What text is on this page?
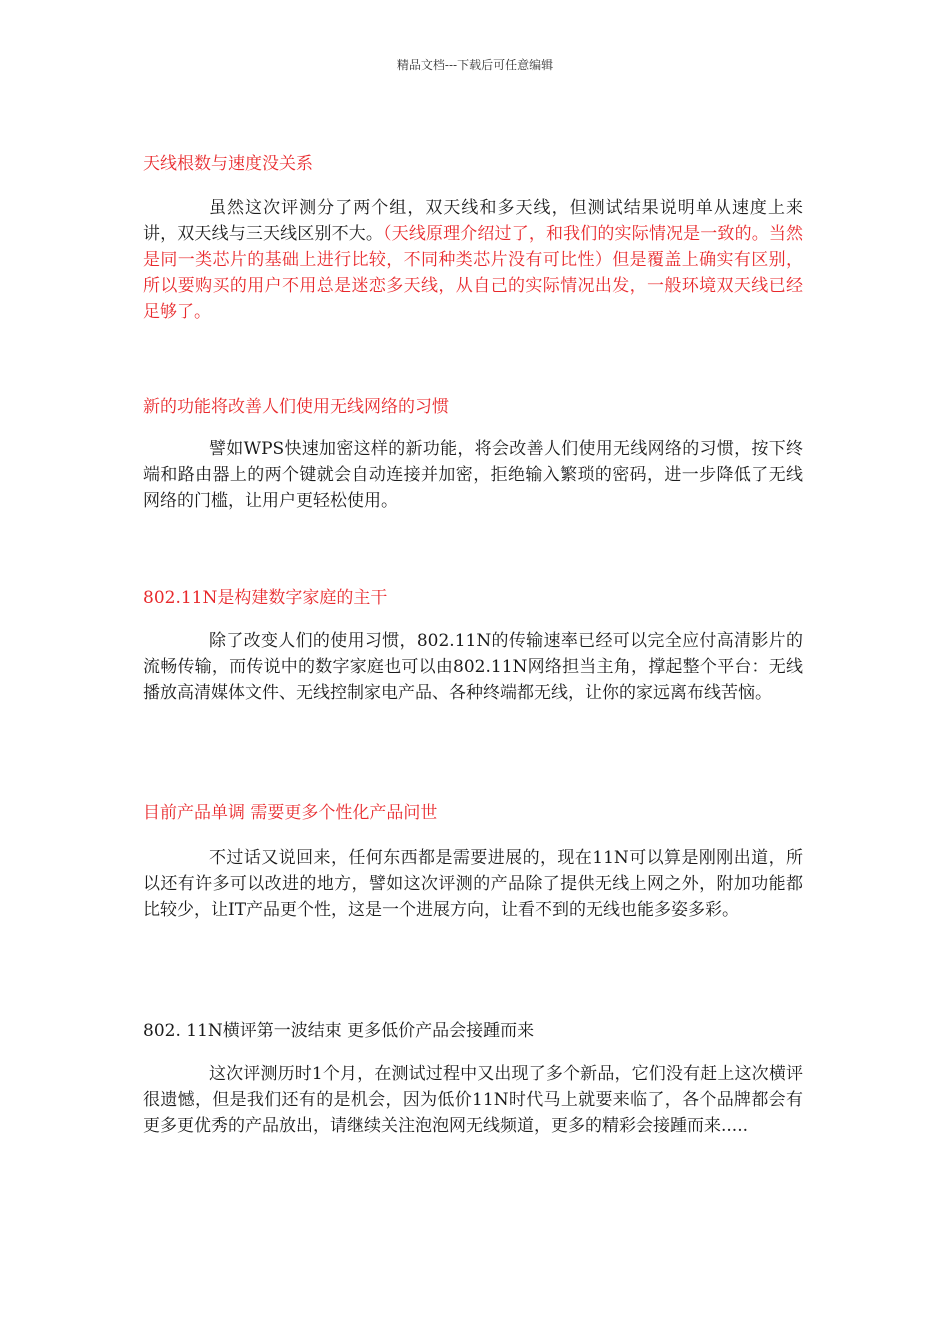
精品文档---下载后可任意编辑
天线根数与速度没关系

虽然这次评测分了两个组，双天线和多天线，但测试结果说明单从速度上来讲，双天线与三天线区别不大。（天线原理介绍过了，和我们的实际情况是一致的。当然是同一类芯片的基础上进行比较，不同种类芯片没有可比性）但是覆盖上确实有区别，所以要购买的用户不用总是迷恋多天线，从自己的实际情况出发，一般环境双天线已经足够了。

新的功能将改善人们使用无线网络的习惯

譬如WPS快速加密这样的新功能，将会改善人们使用无线网络的习惯，按下终端和路由器上的两个键就会自动连接并加密，拒绝输入繁琐的密码，进一步降低了无线网络的门槛，让用户更轻松使用。

802.11N是构建数字家庭的主干

除了改变人们的使用习惯，802.11N的传输速率已经可以完全应付高清影片的流畅传输，而传说中的数字家庭也可以由802.11N网络担当主角，撑起整个平台：无线播放高清媒体文件、无线控制家电产品、各种终端都无线，让你的家远离布线苦恼。

目前产品单调 需要更多个性化产品问世

不过话又说回来，任何东西都是需要进展的，现在11N可以算是刚刚出道，所以还有许多可以改进的地方，譬如这次评测的产品除了提供无线上网之外，附加功能都比较少，让IT产品更个性，这是一个进展方向，让看不到的无线也能多姿多彩。

802. 11N横评第一波结束 更多低价产品会接踵而来

这次评测历时1个月，在测试过程中又出现了多个新品，它们没有赶上这次横评很遗憾，但是我们还有的是机会，因为低价11N时代马上就要来临了，各个品牌都会有更多更优秀的产品放出，请继续关注泡泡网无线频道，更多的精彩会接踵而来.....
